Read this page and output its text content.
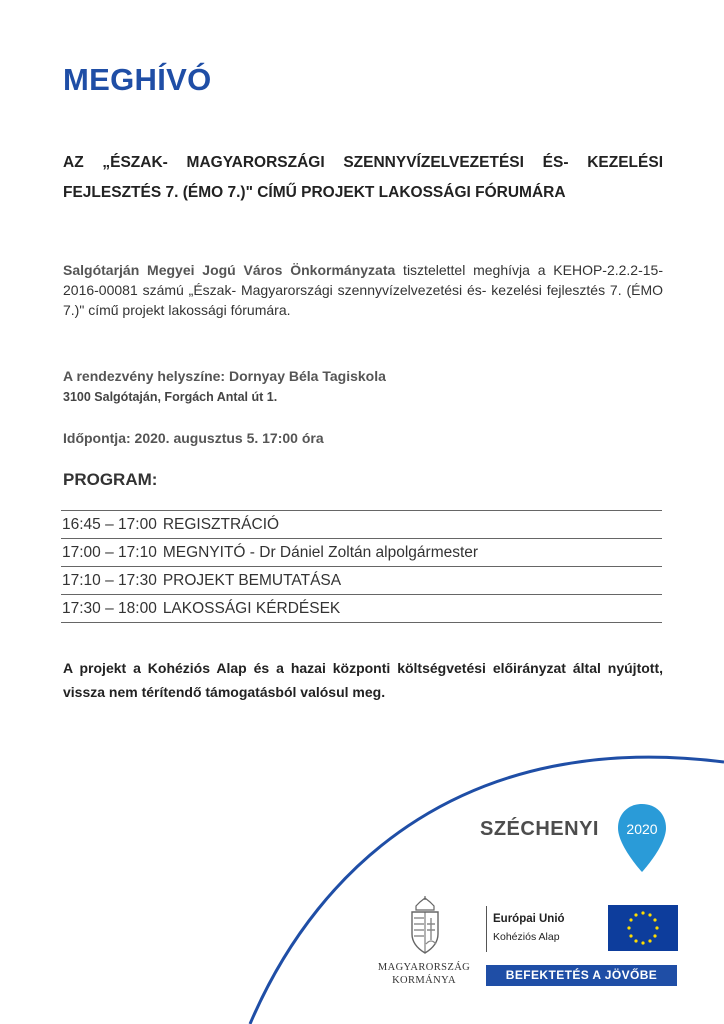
MEGHÍVÓ
AZ „ÉSZAK- MAGYARORSZÁGI SZENNYVÍZELVEZETÉSI ÉS- KEZELÉSI FEJLESZTÉS 7. (ÉMO 7.)" CÍMŰ PROJEKT LAKOSSÁGI FÓRUMÁRA
Salgótarján Megyei Jogú Város Önkormányzata tisztelettel meghívja a KEHOP-2.2.2-15-2016-00081 számú „Észak- Magyarországi szennyvízelvezetési és- kezelési fejlesztés 7. (ÉMO 7.)" című projekt lakossági fórumára.
A rendezvény helyszíne: Dornyay Béla Tagiskola
3100 Salgótaján, Forgách Antal út 1.
Időpontja: 2020. augusztus 5. 17:00 óra
PROGRAM:
16:45 – 17:00 REGISZTRÁCIÓ
17:00 – 17:10 MEGNYITÓ - Dr Dániel Zoltán alpolgármester
17:10 – 17:30 PROJEKT BEMUTATÁSA
17:30 – 18:00 LAKOSSÁGI KÉRDÉSEK
A projekt a Kohéziós Alap és a hazai központi költségvetési előirányzat által nyújtott, vissza nem térítendő támogatásból valósul meg.
SZÉCHENYI 2020
MAGYARORSZÁG
KORMÁNYA
Európai Unió
Kohéziós Alap
BEFEKTETÉS A JÖVŐBE
